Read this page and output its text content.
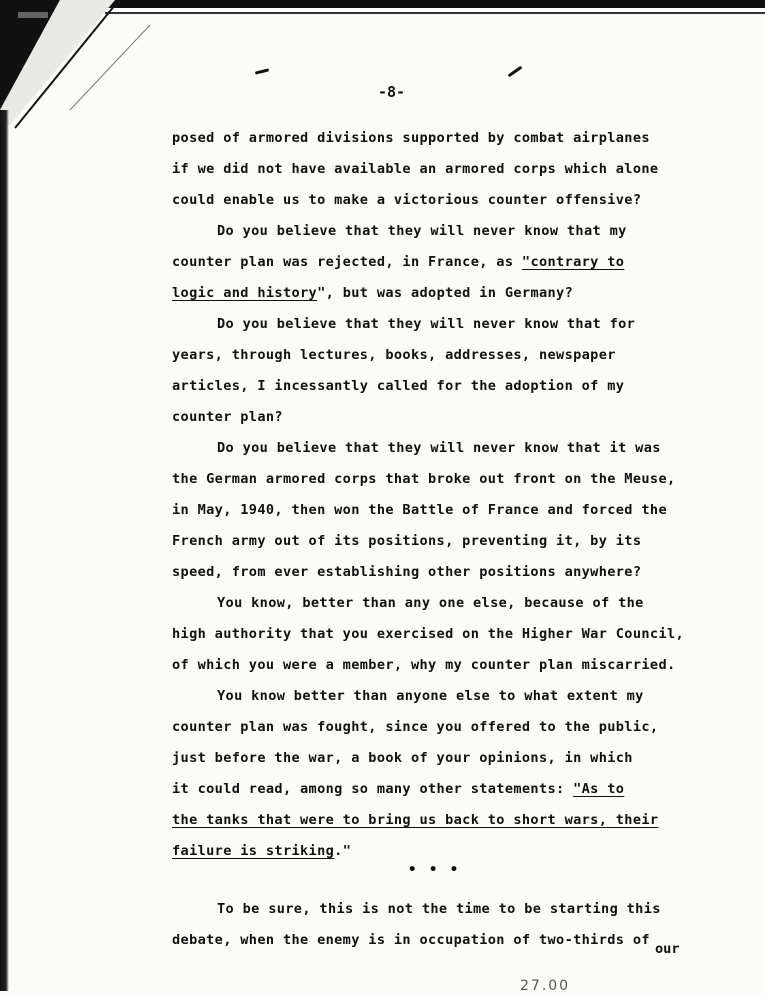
-8-
posed of armored divisions supported by combat airplanes
if we did not have available an armored corps which alone
could enable us to make a victorious counter offensive?
Do you believe that they will never know that my
counter plan was rejected, in France, as "contrary to
logic and history", but was adopted in Germany?
Do you believe that they will never know that for
years, through lectures, books, addresses, newspaper
articles, I incessantly called for the adoption of my
counter plan?
Do you believe that they will never know that it was
the German armored corps that broke out front on the Meuse,
in May, 1940, then won the Battle of France and forced the
French army out of its positions, preventing it, by its
speed, from ever establishing other positions anywhere?
You know, better than any one else, because of the
high authority that you exercised on the Higher War Council,
of which you were a member, why my counter plan miscarried.
You know better than anyone else to what extent my
counter plan was fought, since you offered to the public,
just before the war, a book of your opinions, in which
it could read, among so many other statements: "As to
the tanks that were to bring us back to short wars, their
failure is striking."
To be sure, this is not the time to be starting this
debate, when the enemy is in occupation of two-thirds of
• • •
our
27.00
